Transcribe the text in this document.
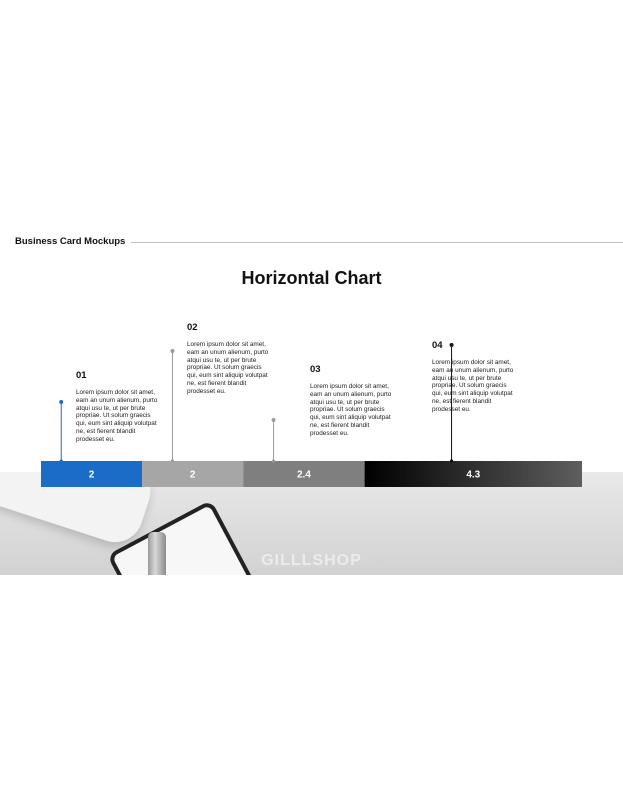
GILLLSHOP
Business Card Mockups
Horizontal Chart
2	2	2.4	4.3
01
Lorem ipsum dolor sit amet, eam an unum alienum, purto atqui usu te, ut per brute propriae. Ut solum graecis qui, eum sint aliquip volutpat ne, est fierent blandit prodesset eu.
02
Lorem ipsum dolor sit amet, eam an unum alienum, purto atqui usu te, ut per brute propriae. Ut solum graecis qui, eum sint aliquip volutpat ne, est fierent blandit prodesset eu.
03
Lorem ipsum dolor sit amet, eam an unum alienum, purto atqui usu te, ut per brute propriae. Ut solum graecis qui, eum sint aliquip volutpat ne, est fierent blandit prodesset eu.
04
Lorem ipsum dolor sit amet, eam an unum alienum, purto atqui usu te, ut per brute propriae. Ut solum graecis qui, eum sint aliquip volutpat ne, est fierent blandit prodesset eu.
